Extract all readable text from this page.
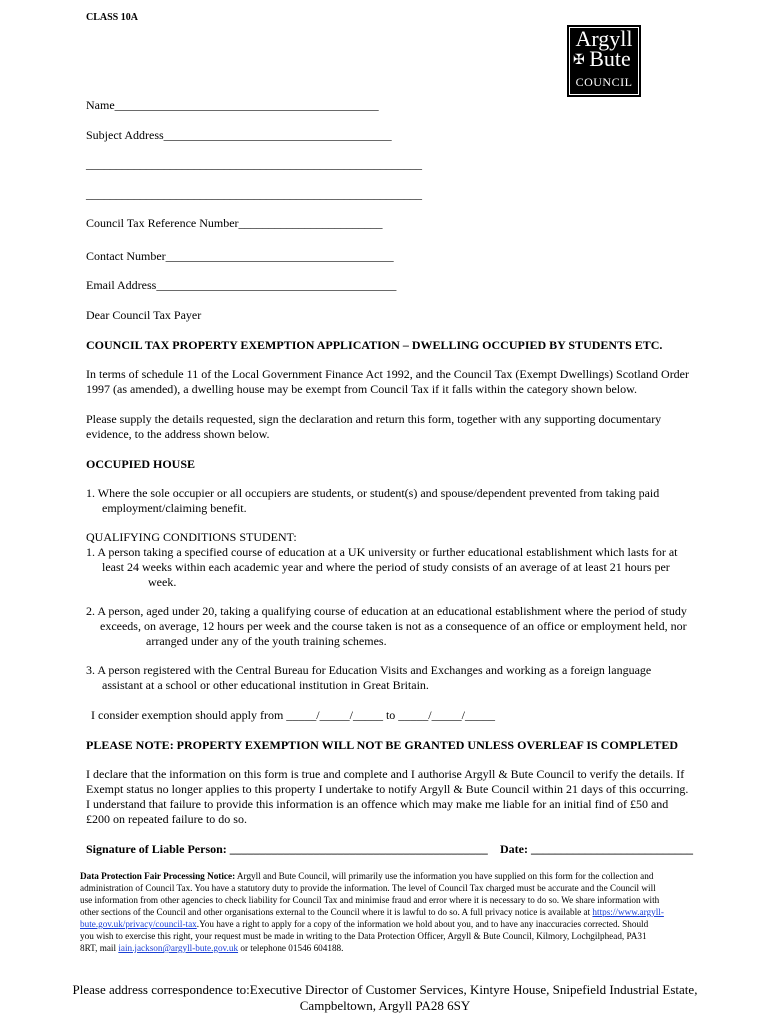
CLASS 10A
Argyll
✠ Bute
COUNCIL
Name____________________________________________
Subject Address______________________________________
________________________________________________________
________________________________________________________
Council Tax Reference Number________________________
Contact Number______________________________________
Email Address________________________________________
Dear Council Tax Payer
COUNCIL TAX PROPERTY EXEMPTION APPLICATION – DWELLING OCCUPIED BY STUDENTS ETC.
In terms of schedule 11 of the Local Government Finance Act 1992, and the Council Tax (Exempt Dwellings) Scotland Order
1997 (as amended), a dwelling house may be exempt from Council Tax if it falls within the category shown below.
Please supply the details requested, sign the declaration and return this form, together with any supporting documentary
evidence, to the address shown below.
OCCUPIED HOUSE
1. Where the sole occupier or all occupiers are students, or student(s) and spouse/dependent prevented from taking paid
employment/claiming benefit.
QUALIFYING CONDITIONS STUDENT:
1. A person taking a specified course of education at a UK university or further educational establishment which lasts for at
least 24 weeks within each academic year and where the period of study consists of an average of at least 21 hours per
week.
2. A person, aged under 20, taking a qualifying course of education at an educational establishment where the period of study
exceeds, on average, 12 hours per week and the course taken is not as a consequence of an office or employment held, nor
arranged under any of the youth training schemes.
3. A person registered with the Central Bureau for Education Visits and Exchanges and working as a foreign language
assistant at a school or other educational institution in Great Britain.
I consider exemption should apply from _____/_____/_____ to _____/_____/_____
PLEASE NOTE: PROPERTY EXEMPTION WILL NOT BE GRANTED UNLESS OVERLEAF IS COMPLETED
I declare that the information on this form is true and complete and I authorise Argyll & Bute Council to verify the details. If
Exempt status no longer applies to this property I undertake to notify Argyll & Bute Council within 21 days of this occurring.
I understand that failure to provide this information is an offence which may make me liable for an initial find of £50 and
£200 on repeated failure to do so.
Signature of Liable Person: ___________________________________________ Date: ___________________________
Data Protection Fair Processing Notice: Argyll and Bute Council, will primarily use the information you have supplied on this form for the collection and
administration of Council Tax. You have a statutory duty to provide the information. The level of Council Tax charged must be accurate and the Council will
use information from other agencies to check liability for Council Tax and minimise fraud and error where it is necessary to do so. We share information with
other sections of the Council and other organisations external to the Council where it is lawful to do so. A full privacy notice is available at https://www.argyll-
bute.gov.uk/privacy/council-tax.You have a right to apply for a copy of the information we hold about you, and to have any inaccuracies corrected. Should
you wish to exercise this right, your request must be made in writing to the Data Protection Officer, Argyll & Bute Council, Kilmory, Lochgilphead, PA31
8RT, mail iain.jackson@argyll-bute.gov.uk or telephone 01546 604188.
Please address correspondence to:Executive Director of Customer Services, Kintyre House, Snipefield Industrial Estate,
Campbeltown, Argyll PA28 6SY
